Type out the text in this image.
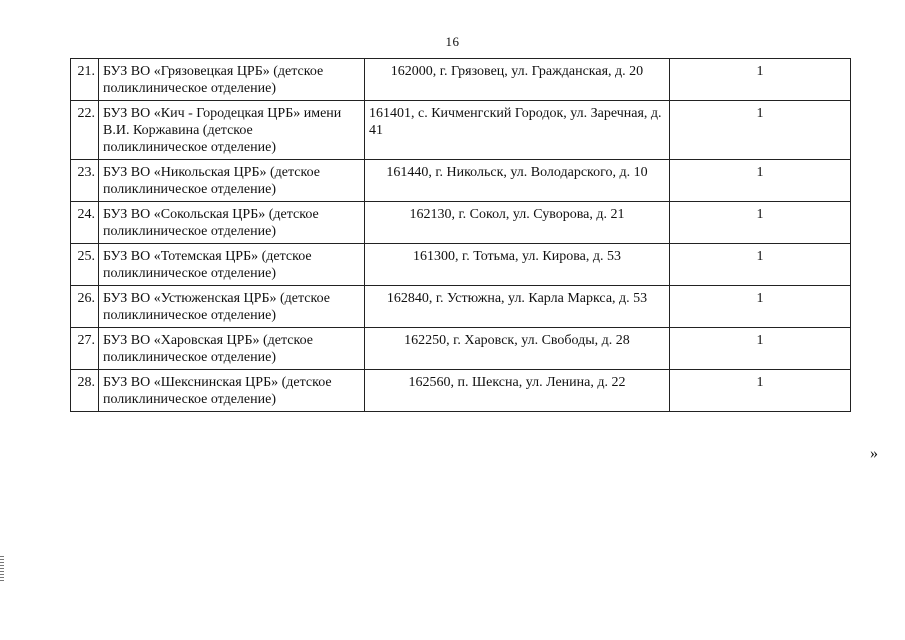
16
21.	БУЗ ВО «Грязовецкая ЦРБ» (детское поликлиническое отделение)	162000, г. Грязовец, ул. Гражданская, д. 20	1
22.	БУЗ ВО «Кич - Городецкая ЦРБ» имени В.И. Коржавина (детское поликлиническое отделение)	161401, с. Кичменгский Городок, ул. Заречная, д. 41	1
23.	БУЗ ВО «Никольская ЦРБ» (детское поликлиническое отделение)	161440, г. Никольск, ул. Володарского, д. 10	1
24.	БУЗ ВО «Сокольская ЦРБ» (детское поликлиническое отделение)	162130, г. Сокол, ул. Суворова, д. 21	1
25.	БУЗ ВО «Тотемская ЦРБ» (детское поликлиническое отделение)	161300, г. Тотьма, ул. Кирова, д. 53	1
26.	БУЗ ВО «Устюженская ЦРБ» (детское поликлиническое отделение)	162840, г. Устюжна, ул. Карла Маркса, д. 53	1
27.	БУЗ ВО «Харовская ЦРБ» (детское поликлиническое отделение)	162250, г. Харовск, ул. Свободы, д. 28	1
28.	БУЗ ВО «Шекснинская ЦРБ» (детское поликлиническое отделение)	162560, п. Шексна, ул. Ленина, д. 22	1
»
